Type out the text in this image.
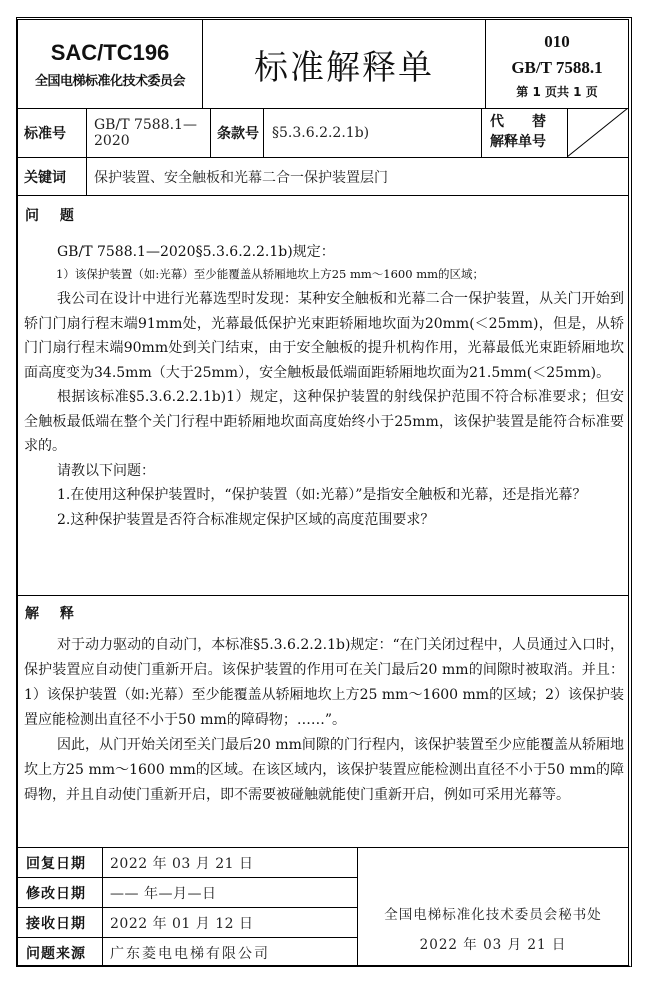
SAC/TC196
全国电梯标准化技术委员会 标准解释单
010
GB/T 7588.1
第 1 页共 1 页
标准号
GB/T 7588.1—2020	条款号 §5.3.6.2.2.1b)
代　　替
解释单号
关键词 保护装置、安全触板和光幕二合一保护装置层门
问 题

GB/T 7588.1—2020§5.3.6.2.2.1b)规定：

1）该保护装置（如:光幕）至少能覆盖从轿厢地坎上方25 mm～1600 mm的区域；

我公司在设计中进行光幕选型时发现：某种安全触板和光幕二合一保护装置，从关门开始到轿门门扇行程末端91mm处，光幕最低保护光束距轿厢地坎面为20mm(＜25mm)，但是，从轿门门扇行程末端90mm处到关门结束，由于安全触板的提升机构作用，光幕最低光束距轿厢地坎面高度变为34.5mm（大于25mm），安全触板最低端面距轿厢地坎面为21.5mm(＜25mm)。

根据该标准§5.3.6.2.2.1b)1）规定，这种保护装置的射线保护范围不符合标准要求；但安全触板最低端在整个关门行程中距轿厢地坎面高度始终小于25mm，该保护装置是能符合标准要求的。

请教以下问题：

1.在使用这种保护装置时，“保护装置（如:光幕）”是指安全触板和光幕，还是指光幕？

2.这种保护装置是否符合标准规定保护区域的高度范围要求？

解 释

对于动力驱动的自动门，本标准§5.3.6.2.2.1b)规定：“在门关闭过程中，人员通过入口时，保护装置应自动使门重新开启。该保护装置的作用可在关门最后20 mm的间隙时被取消。并且：1）该保护装置（如:光幕）至少能覆盖从轿厢地坎上方25 mm～1600 mm的区域；2）该保护装置应能检测出直径不小于50 mm的障碍物；……”。

因此，从门开始关闭至关门最后20 mm间隙的门行程内，该保护装置至少应能覆盖从轿厢地坎上方25 mm～1600 mm的区域。在该区域内，该保护装置应能检测出直径不小于50 mm的障碍物，并且自动使门重新开启，即不需要被碰触就能使门重新开启，例如可采用光幕等。

回复日期 2022 年 03 月 21 日
修改日期 —— 年—月—日
接收日期 2022 年 01 月 12 日
问题来源 广东菱电电梯有限公司
全国电梯标准化技术委员会秘书处
2022 年 03 月 21 日
